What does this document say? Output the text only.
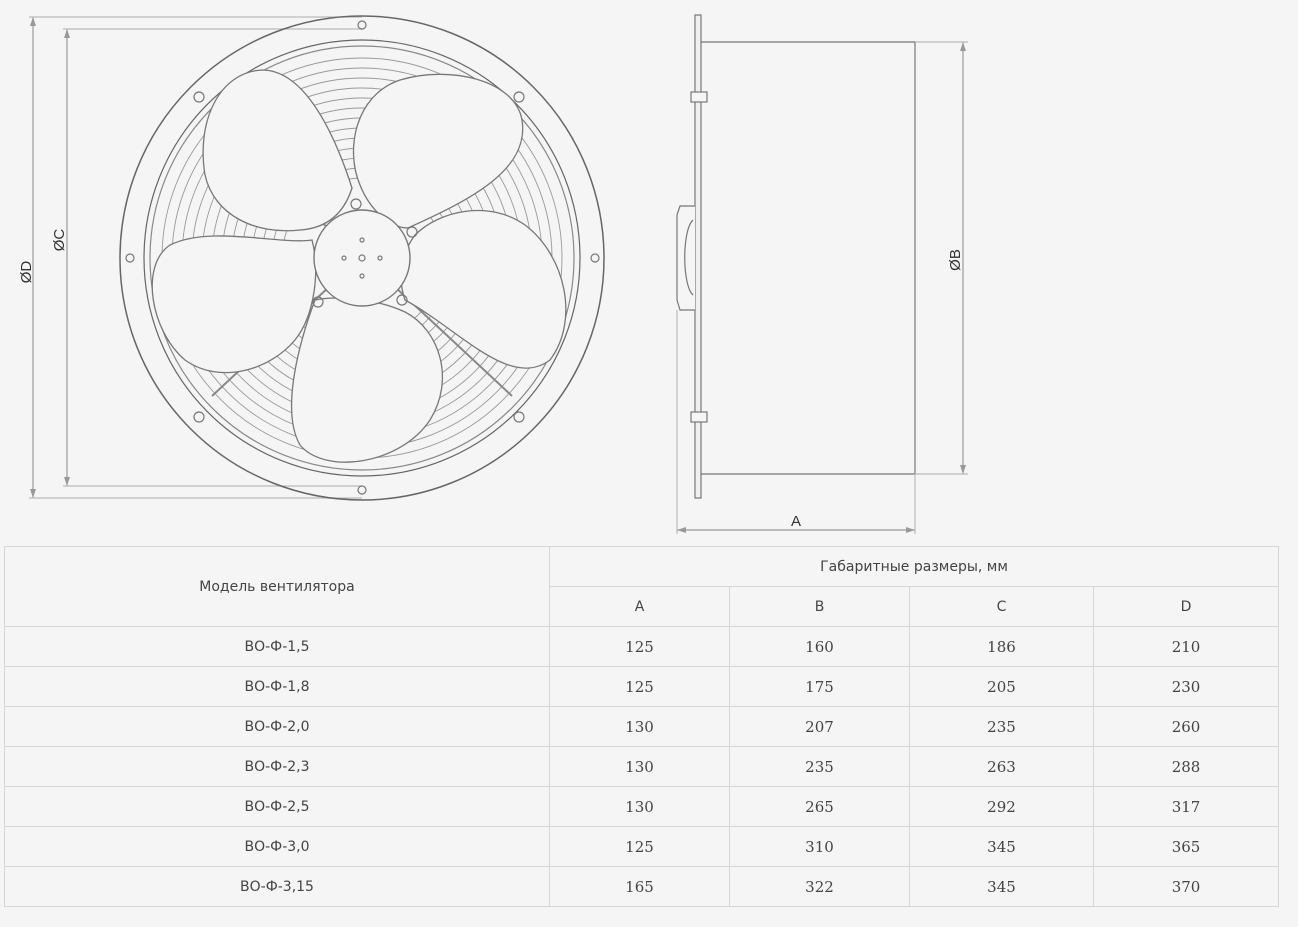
ØD
ØC
ØB
A
Модель вентилятора	Габаритные размеры, мм			
	A	B	C	D
ВО-Ф-1,5	125	160	186	210
ВО-Ф-1,8	125	175	205	230
ВО-Ф-2,0	130	207	235	260
ВО-Ф-2,3	130	235	263	288
ВО-Ф-2,5	130	265	292	317
ВО-Ф-3,0	125	310	345	365
ВО-Ф-3,15	165	322	345	370
